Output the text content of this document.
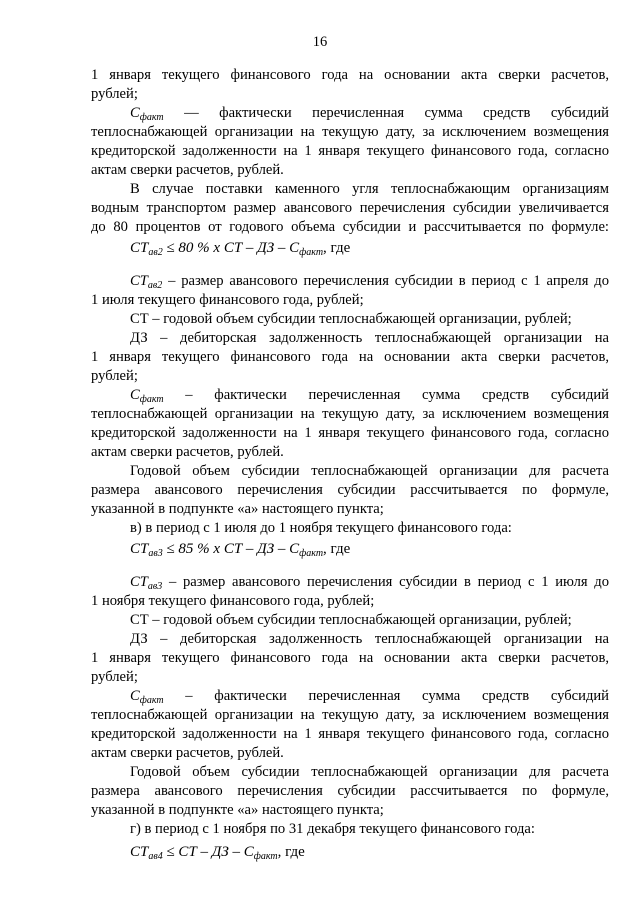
16
1 января текущего финансового года на основании акта сверки расчетов,
рублей;
$С_{факт}$ — фактически перечисленная сумма средств субсидий
теплоснабжающей организации на текущую дату, за исключением возмещения
кредиторской задолженности на 1 января текущего финансового года, согласно
актам сверки расчетов, рублей.
В случае поставки каменного угля теплоснабжающим организациям
водным транспортом размер авансового перечисления субсидии увеличивается
до 80 процентов от годового объема субсидии и рассчитывается по формуле:
$СТ_{ав2} \le 80$ % х СТ – ДЗ – $С_{факт}$, где
$СТ_{ав2}$ – размер авансового перечисления субсидии в период с 1 апреля до
1 июля текущего финансового года, рублей;
СТ – годовой объем субсидии теплоснабжающей организации, рублей;
ДЗ – дебиторская задолженность теплоснабжающей организации на
1 января текущего финансового года на основании акта сверки расчетов,
рублей;
$С_{факт}$ – фактически перечисленная сумма средств субсидий
теплоснабжающей организации на текущую дату, за исключением возмещения
кредиторской задолженности на 1 января текущего финансового года, согласно
актам сверки расчетов, рублей.
Годовой объем субсидии теплоснабжающей организации для расчета
размера авансового перечисления субсидии рассчитывается по формуле,
указанной в подпункте «а» настоящего пункта;
в) в период с 1 июля до 1 ноября текущего финансового года:
$СТ_{ав3} \le 85$ % х СТ – ДЗ – $С_{факт}$, где
$СТ_{ав3}$ – размер авансового перечисления субсидии в период с 1 июля до
1 ноября текущего финансового года, рублей;
СТ – годовой объем субсидии теплоснабжающей организации, рублей;
ДЗ – дебиторская задолженность теплоснабжающей организации на
1 января текущего финансового года на основании акта сверки расчетов,
рублей;
$С_{факт}$ – фактически перечисленная сумма средств субсидий
теплоснабжающей организации на текущую дату, за исключением возмещения
кредиторской задолженности на 1 января текущего финансового года, согласно
актам сверки расчетов, рублей.
Годовой объем субсидии теплоснабжающей организации для расчета
размера авансового перечисления субсидии рассчитывается по формуле,
указанной в подпункте «а» настоящего пункта;
г) в период с 1 ноября по 31 декабря текущего финансового года:
$СТ_{ав4}$ ≤ СТ – ДЗ – $С_{факт}$, где
